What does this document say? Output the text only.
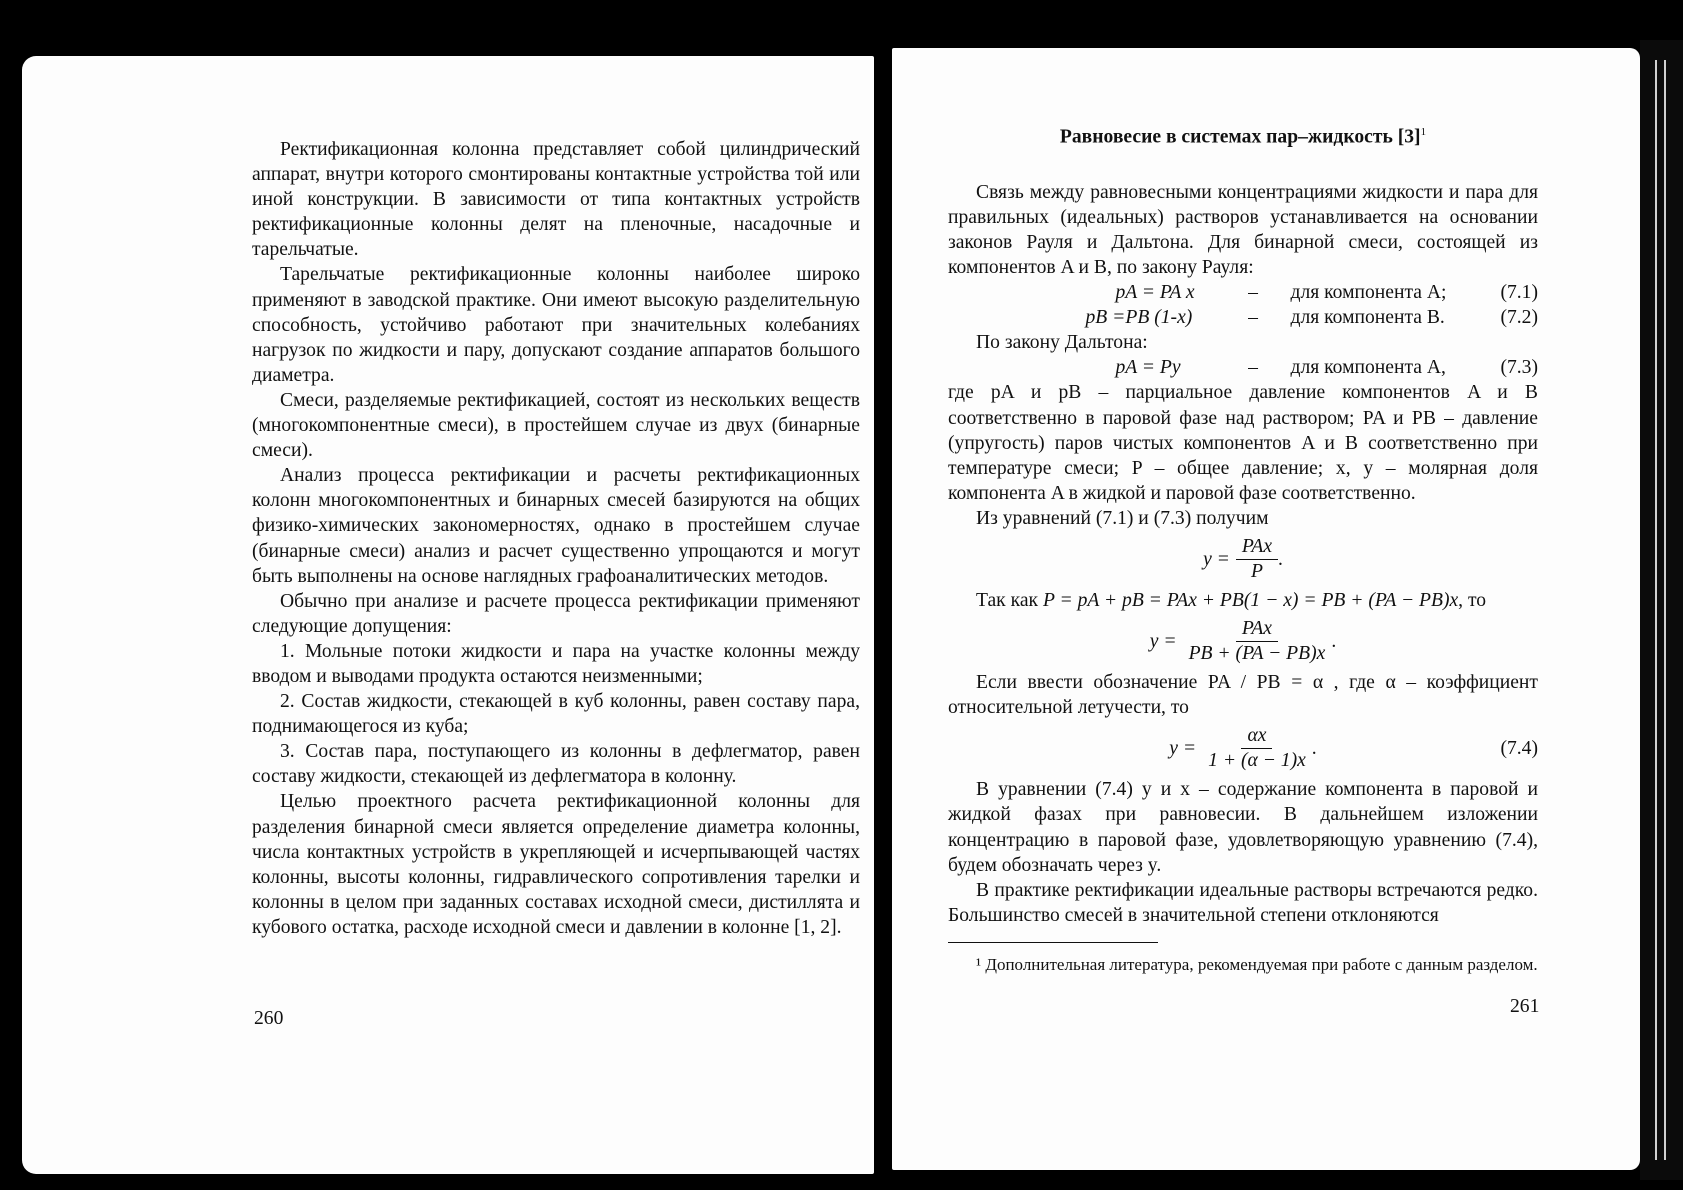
Ректификационная колонна представляет собой цилиндрический аппарат, внутри которого смонтированы контактные устройства той или иной конструкции. В зависимости от типа контактных устройств ректификационные колонны делят на пленочные, насадочные и тарельчатые.

Тарельчатые ректификационные колонны наиболее широко применяют в заводской практике. Они имеют высокую разделительную способность, устойчиво работают при значительных колебаниях нагрузок по жидкости и пару, допускают создание аппаратов большого диаметра.

Смеси, разделяемые ректификацией, состоят из нескольких веществ (многокомпонентные смеси), в простейшем случае из двух (бинарные смеси).

Анализ процесса ректификации и расчеты ректификационных колонн многокомпонентных и бинарных смесей базируются на общих физико-химических закономерностях, однако в простейшем случае (бинарные смеси) анализ и расчет существенно упрощаются и могут быть выполнены на основе наглядных графоаналитических методов.

Обычно при анализе и расчете процесса ректификации применяют следующие допущения:

1. Мольные потоки жидкости и пара на участке колонны между вводом и выводами продукта остаются неизменными;

2. Состав жидкости, стекающей в куб колонны, равен составу пара, поднимающегося из куба;

3. Состав пара, поступающего из колонны в дефлегматор, равен составу жидкости, стекающей из дефлегматора в колонну.

Целью проектного расчета ректификационной колонны для разделения бинарной смеси является определение диаметра колонны, числа контактных устройств в укрепляющей и исчерпывающей частях колонны, высоты колонны, гидравлического сопротивления тарелки и колонны в целом при заданных составах исходной смеси, дистиллята и кубового остатка, расходе исходной смеси и давлении в колонне [1, 2].

260
Равновесие в системах пар–жидкость $[3]^1$

Связь между равновесными концентрациями жидкости и пара для правильных (идеальных) растворов устанавливается на основании законов Рауля и Дальтона. Для бинарной смеси, состоящей из компонентов A и B, по закону Рауля:

pA = PA x	–	для компонента A;	(7.1)
pB =PB (1-x)	–	для компонента B.	(7.2)

По закону Дальтона:

pA = Py	–	для компонента A,	(7.3)

где pA и pB – парциальное давление компонентов A и B соответственно в паровой фазе над раствором; PA и PB – давление (упругость) паров чистых компонентов A и B соответственно при температуре смеси; P – общее давление; x, y – молярная доля компонента A в жидкой и паровой фазе соответственно.

Из уравнений (7.1) и (7.3) получим

$y = \frac{\text{PAx}}{P}$ .

Так как P = pA + pB = PAx + PB(1 − x) = PB + (PA − PB)x, то

$y = \frac{\text{PAx}}{PB + (PA - PB)x}$ .

Если ввести обозначение PA / PB = α , где α – коэффициент относительной летучести, то

$y = \frac{\alpha x}{1 + (\alpha - 1)x}$ .	(7.4)

В уравнении (7.4) y и x – содержание компонента в паровой и жидкой фазах при равновесии. В дальнейшем изложении концентрацию в паровой фазе, удовлетворяющую уравнению (7.4), будем обозначать через y.

В практике ректификации идеальные растворы встречаются редко. Большинство смесей в значительной степени отклоняются

¹ Дополнительная литература, рекомендуемая при работе с данным разделом.

261
